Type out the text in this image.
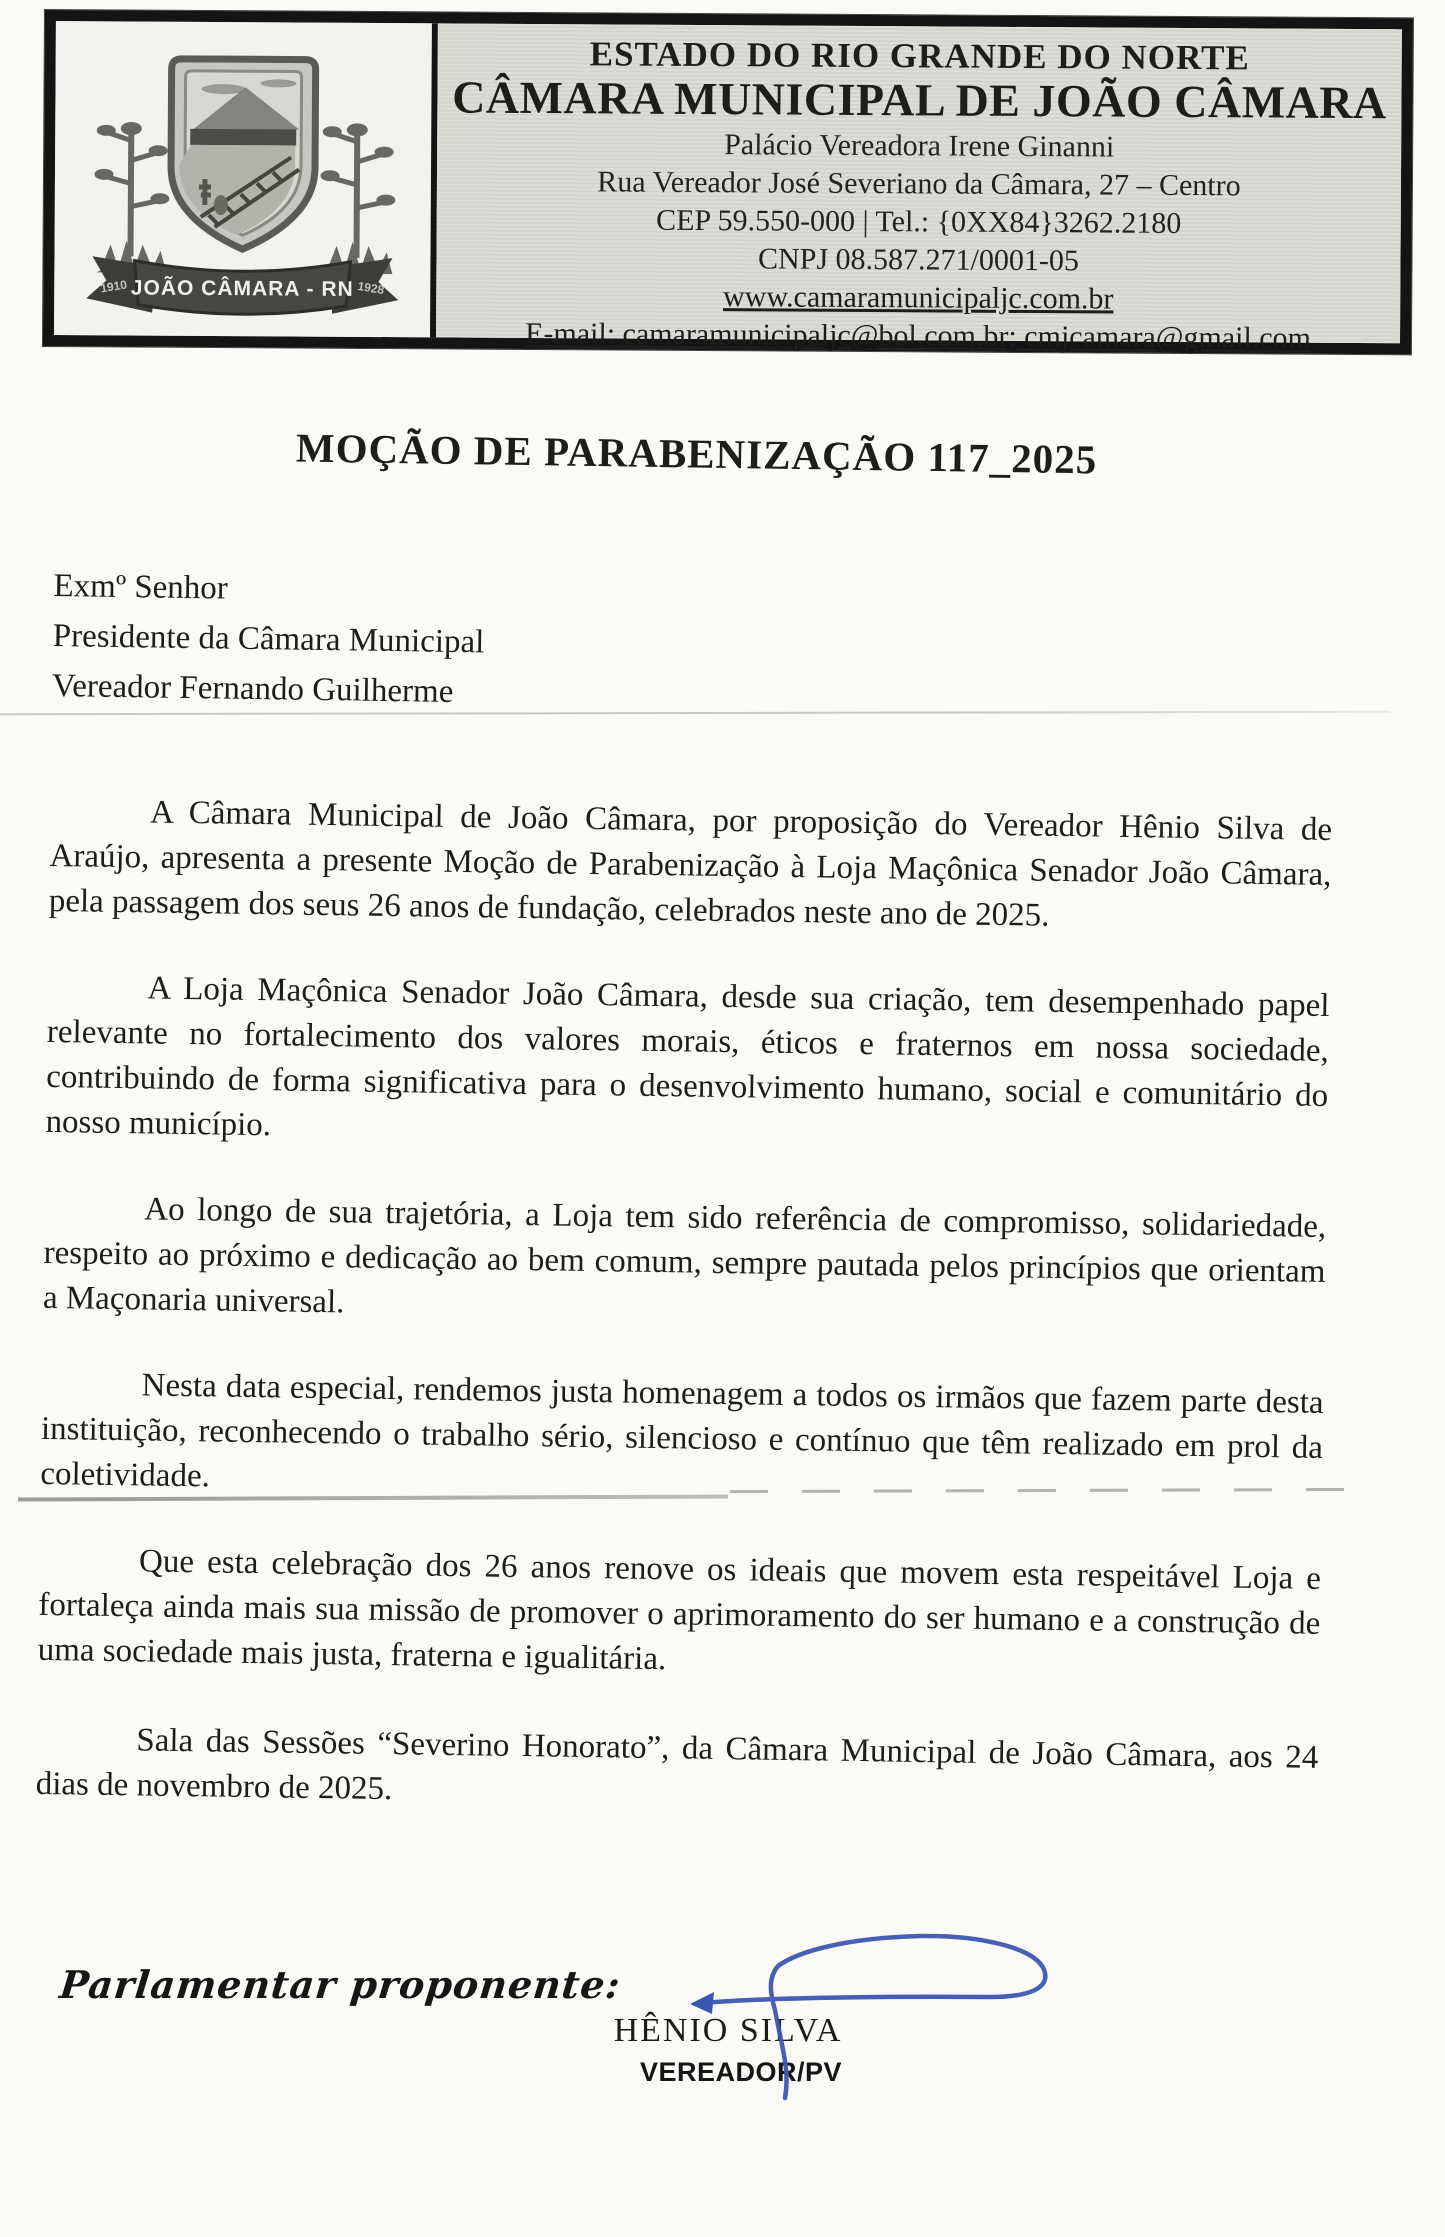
JOÃO CÂMARA - RN
1910	1928
ESTADO DO RIO GRANDE DO NORTE
CÂMARA MUNICIPAL DE JOÃO CÂMARA
Palácio Vereadora Irene Ginanni
Rua Vereador José Severiano da Câmara, 27 – Centro
CEP 59.550-000 | Tel.: {0XX84}3262.2180
CNPJ 08.587.271/0001-05
www.camaramunicipaljc.com.br
E-mail: camaramunicipaljc@bol.com.br; cmjcamara@gmail.com
MOÇÃO DE PARABENIZAÇÃO 117_2025
Exmº Senhor
Presidente da Câmara Municipal
Vereador Fernando Guilherme

A Câmara Municipal de João Câmara, por proposição do Vereador Hênio Silva de Araújo, apresenta a presente Moção de Parabenização à Loja Maçônica Senador João Câmara, pela passagem dos seus 26 anos de fundação, celebrados neste ano de 2025.

A Loja Maçônica Senador João Câmara, desde sua criação, tem desempenhado papel relevante no fortalecimento dos valores morais, éticos e fraternos em nossa sociedade, contribuindo de forma significativa para o desenvolvimento humano, social e comunitário do nosso município.

Ao longo de sua trajetória, a Loja tem sido referência de compromisso, solidariedade, respeito ao próximo e dedicação ao bem comum, sempre pautada pelos princípios que orientam a Maçonaria universal.

Nesta data especial, rendemos justa homenagem a todos os irmãos que fazem parte desta instituição, reconhecendo o trabalho sério, silencioso e contínuo que têm realizado em prol da coletividade.

Que esta celebração dos 26 anos renove os ideais que movem esta respeitável Loja e fortaleça ainda mais sua missão de promover o aprimoramento do ser humano e a construção de uma sociedade mais justa, fraterna e igualitária.

Sala das Sessões “Severino Honorato”, da Câmara Municipal de João Câmara, aos 24 dias de novembro de 2025.

Parlamentar proponente:
HÊNIO SILVA
VEREADOR/PV
